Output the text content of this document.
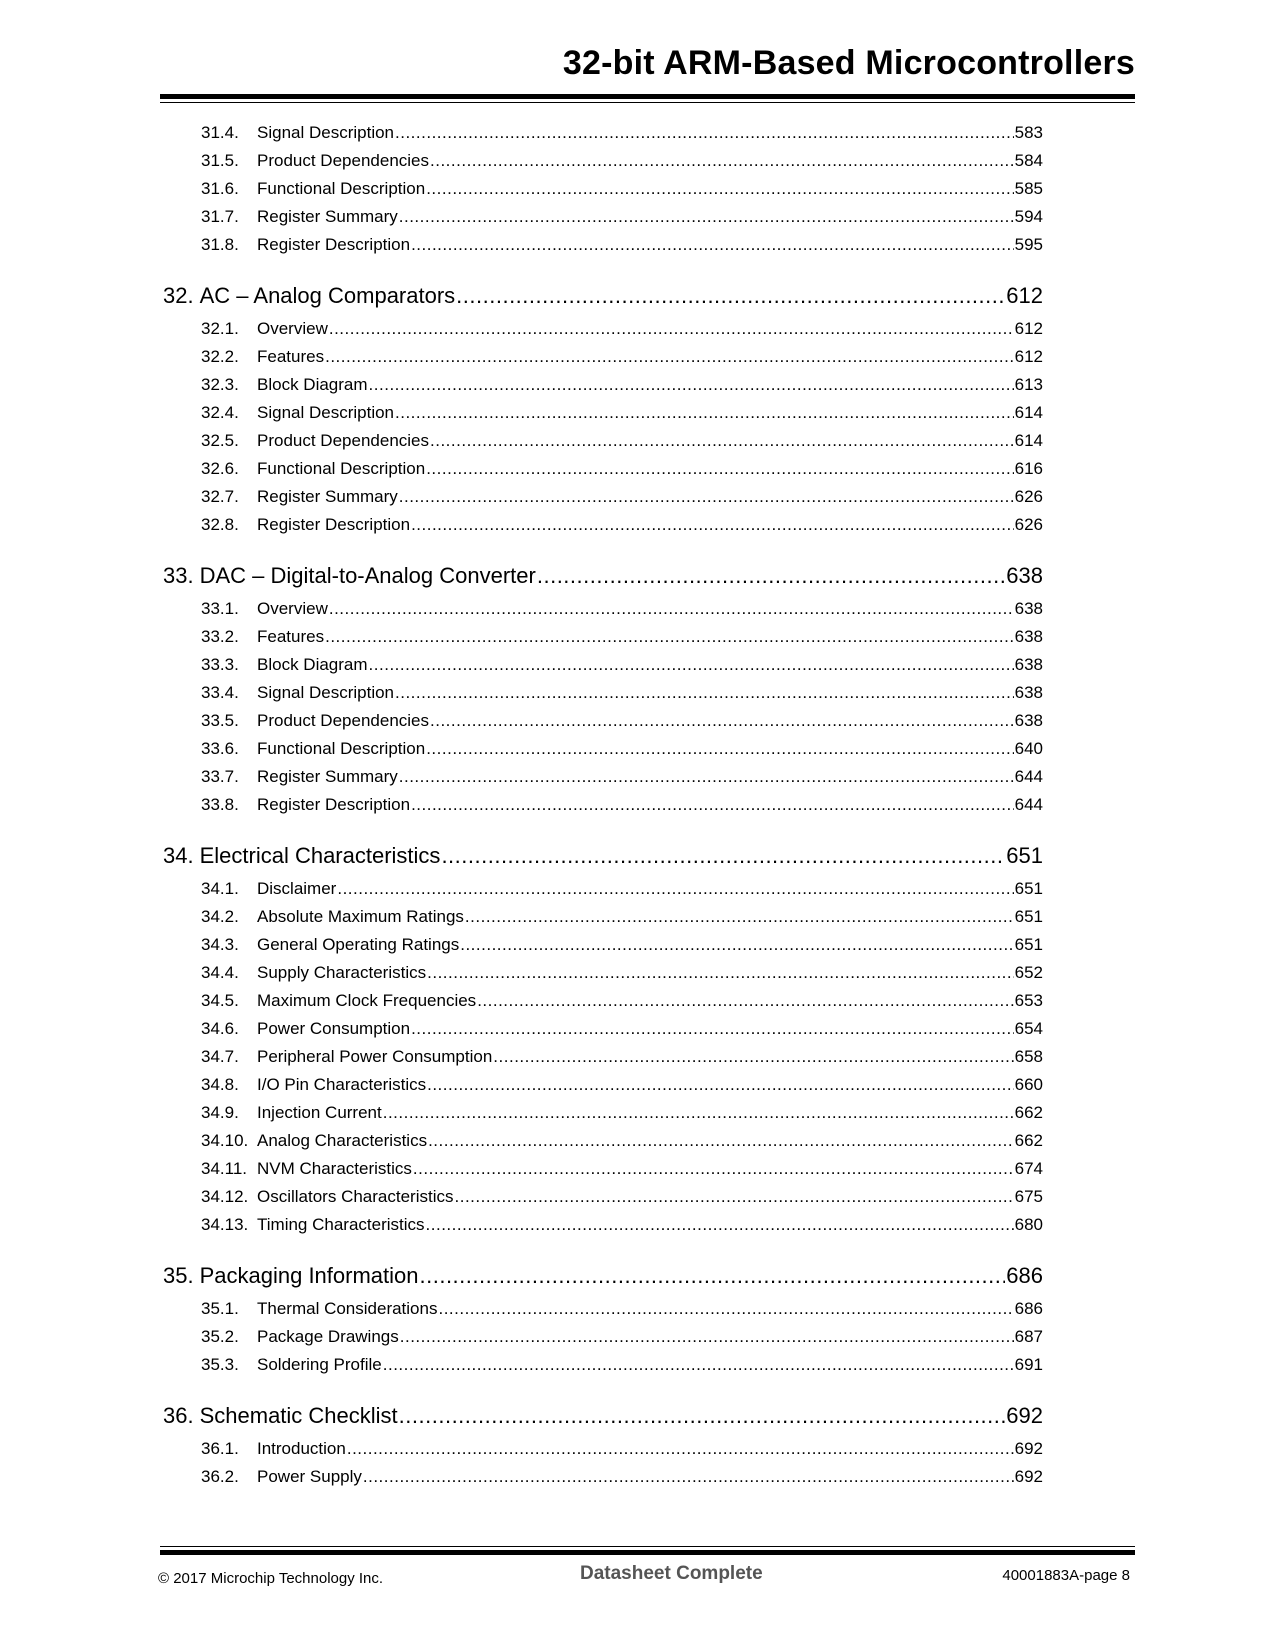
32-bit ARM-Based Microcontrollers
31.4.	Signal Description .....	583
31.5.	Product Dependencies .....	584
31.6.	Functional Description .....	585
31.7.	Register Summary .....	594
31.8.	Register Description .....	595
32. AC – Analog Comparators .....	612
32.1.	Overview .....	612
32.2.	Features .....	612
32.3.	Block Diagram .....	613
32.4.	Signal Description .....	614
32.5.	Product Dependencies .....	614
32.6.	Functional Description .....	616
32.7.	Register Summary .....	626
32.8.	Register Description .....	626
33. DAC – Digital-to-Analog Converter .....	638
33.1.	Overview .....	638
33.2.	Features .....	638
33.3.	Block Diagram .....	638
33.4.	Signal Description .....	638
33.5.	Product Dependencies .....	638
33.6.	Functional Description .....	640
33.7.	Register Summary .....	644
33.8.	Register Description .....	644
34. Electrical Characteristics .....	651
34.1.	Disclaimer .....	651
34.2.	Absolute Maximum Ratings .....	651
34.3.	General Operating Ratings .....	651
34.4.	Supply Characteristics .....	652
34.5.	Maximum Clock Frequencies .....	653
34.6.	Power Consumption .....	654
34.7.	Peripheral Power Consumption .....	658
34.8.	I/O Pin Characteristics .....	660
34.9.	Injection Current .....	662
34.10. Analog Characteristics .....	662
34.11. NVM Characteristics .....	674
34.12. Oscillators Characteristics .....	675
34.13. Timing Characteristics .....	680
35. Packaging Information .....	686
35.1.	Thermal Considerations .....	686
35.2.	Package Drawings .....	687
35.3.	Soldering Profile .....	691
36. Schematic Checklist .....	692
36.1.	Introduction .....	692
36.2.	Power Supply .....	692
© 2017 Microchip Technology Inc.	Datasheet Complete	40001883A-page 8
